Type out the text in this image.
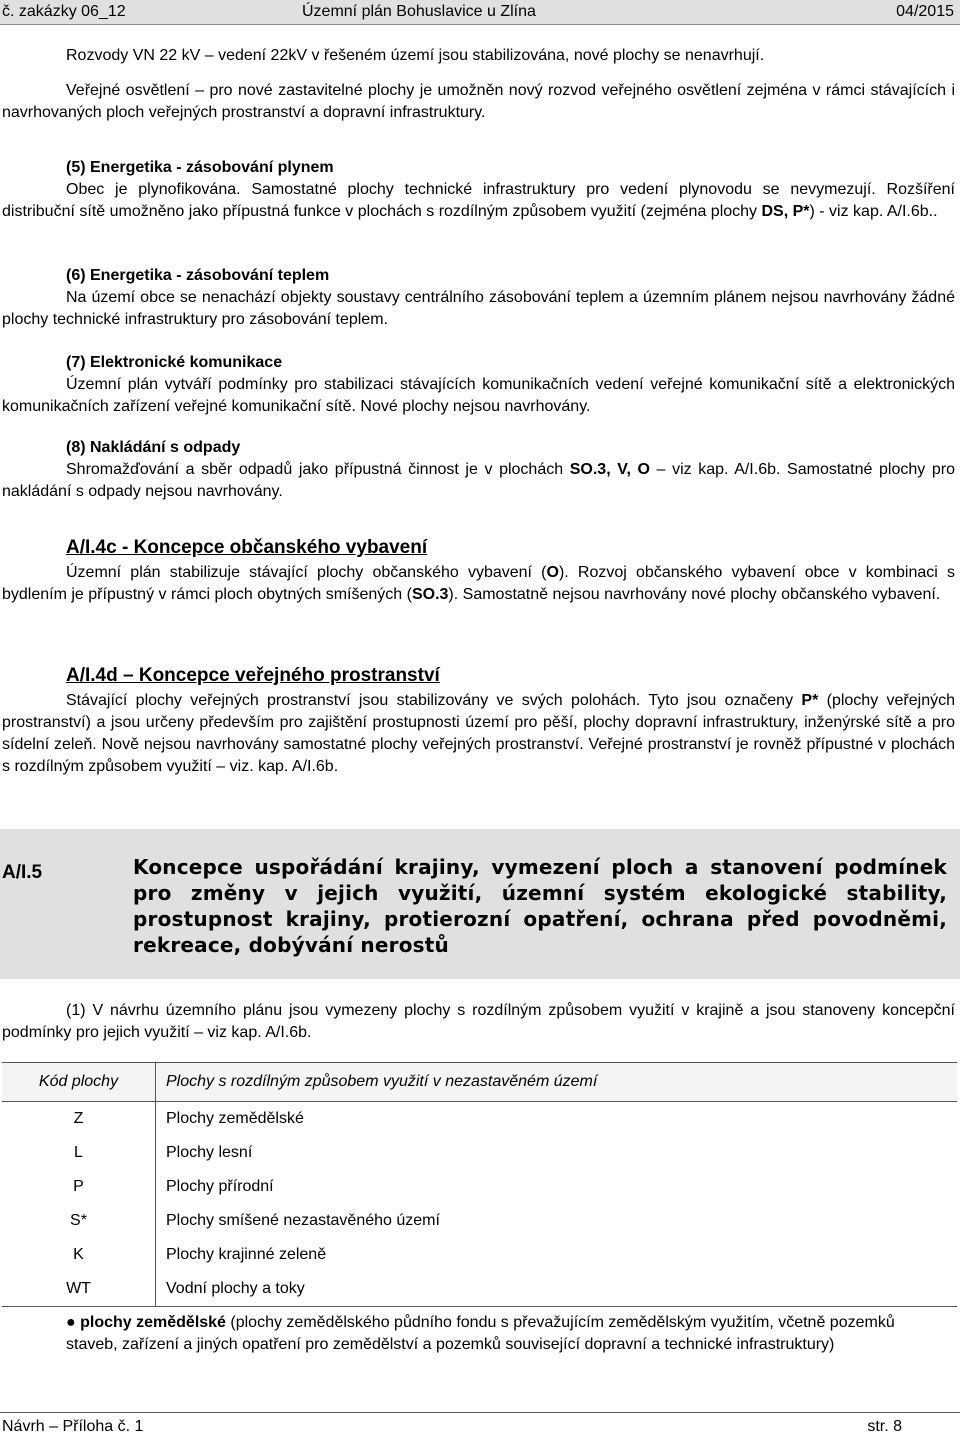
č. zakázky 06_12	Územní plán Bohuslavice u Zlína	04/2015
Rozvody VN 22 kV – vedení 22kV v řešeném území jsou stabilizována, nové plochy se nenavrhují.
Veřejné osvětlení – pro nové zastavitelné plochy je umožněn nový rozvod veřejného osvětlení zejména v rámci stávajících i navrhovaných ploch veřejných prostranství a dopravní infrastruktury.
(5) Energetika - zásobování plynem
Obec je plynofikována. Samostatné plochy technické infrastruktury pro vedení plynovodu se nevymezují. Rozšíření distribuční sítě umožněno jako přípustná funkce v plochách s rozdílným způsobem využití (zejména plochy DS, P*) - viz kap. A/I.6b..
(6) Energetika - zásobování teplem
Na území obce se nenachází objekty soustavy centrálního zásobování teplem a územním plánem nejsou navrhovány žádné plochy technické infrastruktury pro zásobování teplem.
(7) Elektronické komunikace
Územní plán vytváří podmínky pro stabilizaci stávajících komunikačních vedení veřejné komunikační sítě a elektronických komunikačních zařízení veřejné komunikační sítě. Nové plochy nejsou navrhovány.
(8) Nakládání s odpady
Shromažďování a sběr odpadů jako přípustná činnost je v plochách SO.3, V, O – viz kap. A/I.6b. Samostatné plochy pro nakládání s odpady nejsou navrhovány.
A/I.4c - Koncepce občanského vybavení
Územní plán stabilizuje stávající plochy občanského vybavení (O). Rozvoj občanského vybavení obce v kombinaci s bydlením je přípustný v rámci ploch obytných smíšených (SO.3). Samostatně nejsou navrhovány nové plochy občanského vybavení.
A/I.4d – Koncepce veřejného prostranství
Stávající plochy veřejných prostranství jsou stabilizovány ve svých polohách. Tyto jsou označeny P* (plochy veřejných prostranství) a jsou určeny především pro zajištění prostupnosti území pro pěší, plochy dopravní infrastruktury, inženýrské sítě a pro sídelní zeleň. Nově nejsou navrhovány samostatné plochy veřejných prostranství. Veřejné prostranství je rovněž přípustné v plochách s rozdílným způsobem využití – viz. kap. A/I.6b.
A/I.5	Koncepce uspořádání krajiny, vymezení ploch a stanovení podmínek pro změny v jejich využití, územní systém ekologické stability, prostupnost krajiny, protierozní opatření, ochrana před povodněmi, rekreace, dobývání nerostů
(1) V návrhu územního plánu jsou vymezeny plochy s rozdílným způsobem využití v krajině a jsou stanoveny koncepční podmínky pro jejich využití – viz kap. A/I.6b.
Kód plochy	Plochy s rozdílným způsobem využití v nezastavěném území
Z	Plochy zemědělské
L	Plochy lesní
P	Plochy přírodní
S*	Plochy smíšené nezastavěného území
K	Plochy krajinné zeleně
WT	Vodní plochy a toky
● plochy zemědělské (plochy zemědělského půdního fondu s převažujícím zemědělským využitím, včetně pozemků staveb, zařízení a jiných opatření pro zemědělství a pozemků související dopravní a technické infrastruktury)
Návrh – Příloha č. 1	str. 8
